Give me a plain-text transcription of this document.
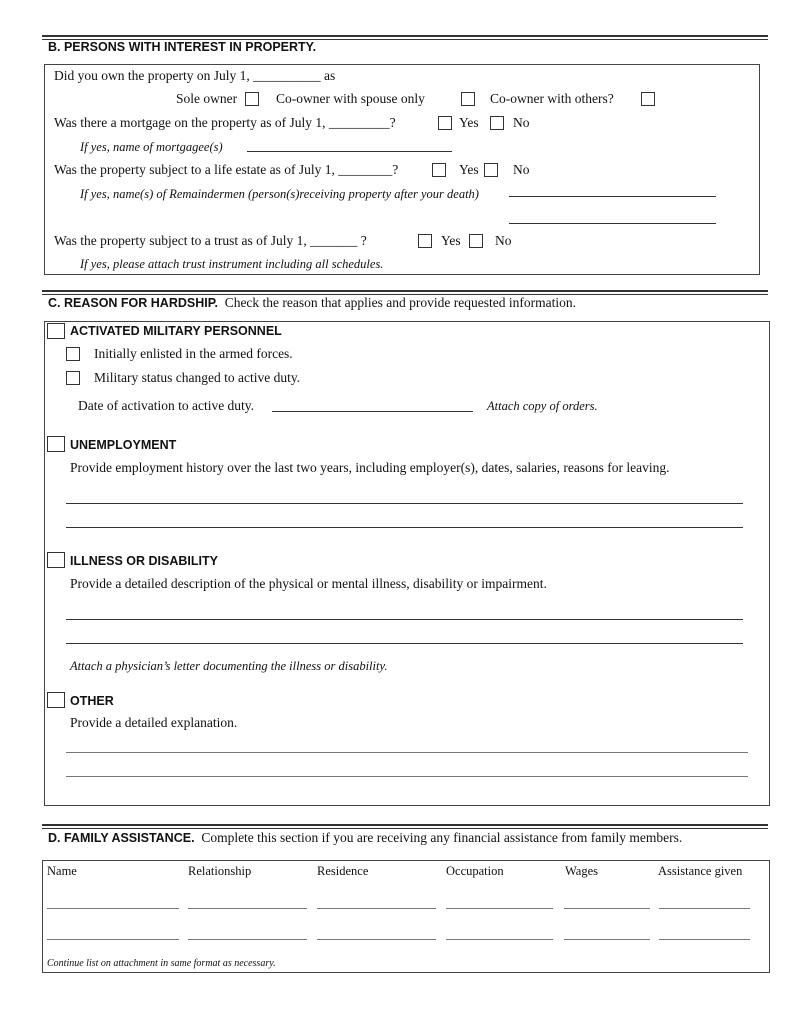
B. PERSONS WITH INTEREST IN PROPERTY.
Did you own the property on July 1, __________ as
Sole owner	Co-owner with spouse only	Co-owner with others?
Was there a mortgage on the property as of July 1, _________?	Yes	No
If yes, name of mortgagee(s)
Was the property subject to a life estate as of July 1, ________?	Yes	No
If yes, name(s) of Remaindermen (person(s)receiving property after your death)
Was the property subject to a trust as of July 1, _______ ?	Yes	No
If yes, please attach trust instrument including all schedules.
C. REASON FOR HARDSHIP. Check the reason that applies and provide requested information.
ACTIVATED MILITARY PERSONNEL
Initially enlisted in the armed forces.
Military status changed to active duty.
Date of activation to active duty.	Attach copy of orders.
UNEMPLOYMENT
Provide employment history over the last two years, including employer(s), dates, salaries, reasons for leaving.
ILLNESS OR DISABILITY
Provide a detailed description of the physical or mental illness, disability or impairment.
Attach a physician’s letter documenting the illness or disability.
OTHER
Provide a detailed explanation.
D. FAMILY ASSISTANCE. Complete this section if you are receiving any financial assistance from family members.
Name	Relationship	Residence	Occupation	Wages	Assistance given
Continue list on attachment in same format as necessary.
